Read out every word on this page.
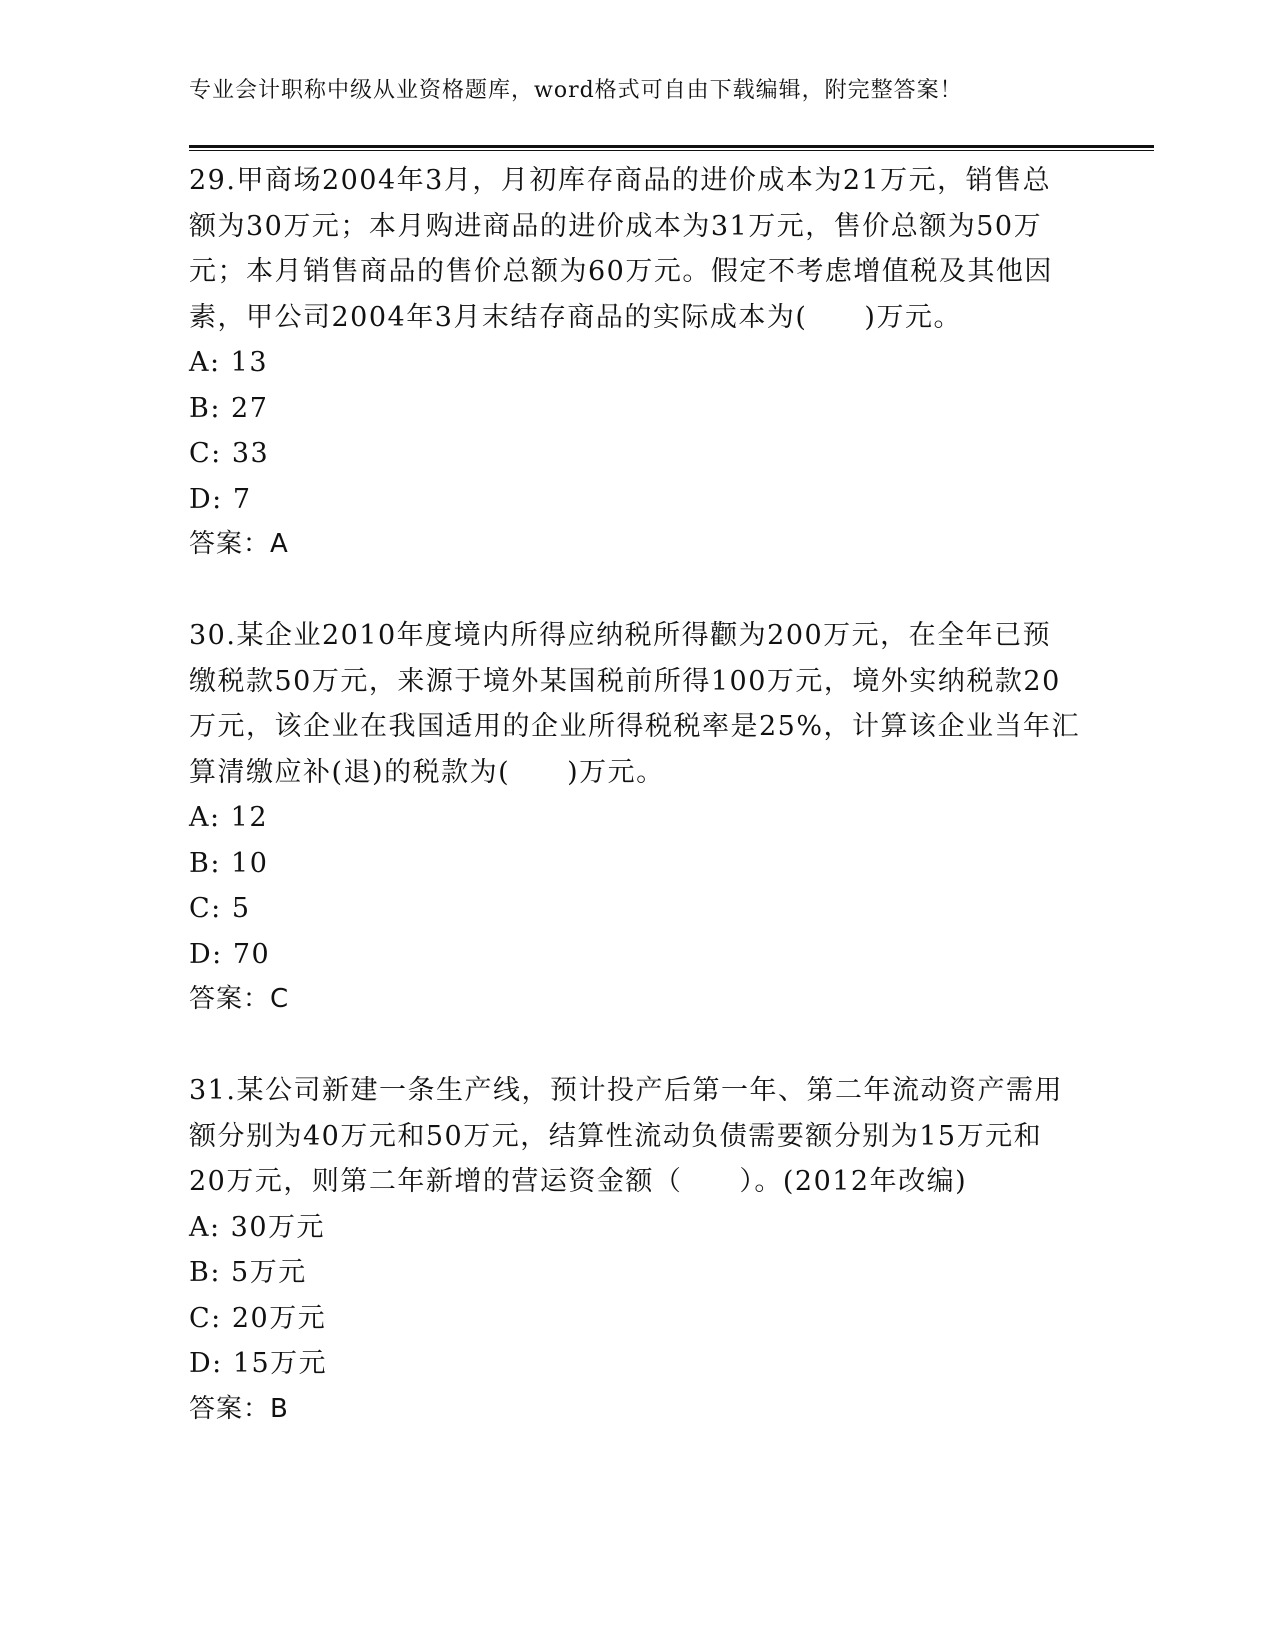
专业会计职称中级从业资格题库，word格式可自由下载编辑，附完整答案！

29.甲商场2004年3月，月初库存商品的进价成本为21万元，销售总
额为30万元；本月购进商品的进价成本为31万元，售价总额为50万
元；本月销售商品的售价总额为60万元。假定不考虑增值税及其他因
素，甲公司2004年3月末结存商品的实际成本为(　　)万元。

A: 13
B: 27
C: 33
D: 7

答案：A

30.某企业2010年度境内所得应纳税所得颧为200万元，在全年已预
缴税款50万元，来源于境外某国税前所得100万元，境外实纳税款20
万元，该企业在我国适用的企业所得税税率是25%，计算该企业当年汇
算清缴应补(退)的税款为(　　)万元。

A: 12
B: 10
C: 5
D: 70

答案：C

31.某公司新建一条生产线，预计投产后第一年、第二年流动资产需用
额分别为40万元和50万元，结算性流动负债需要额分别为15万元和
20万元，则第二年新增的营运资金额（　　）。(2012年改编)

A: 30万元
B: 5万元
C: 20万元
D: 15万元

答案：B
